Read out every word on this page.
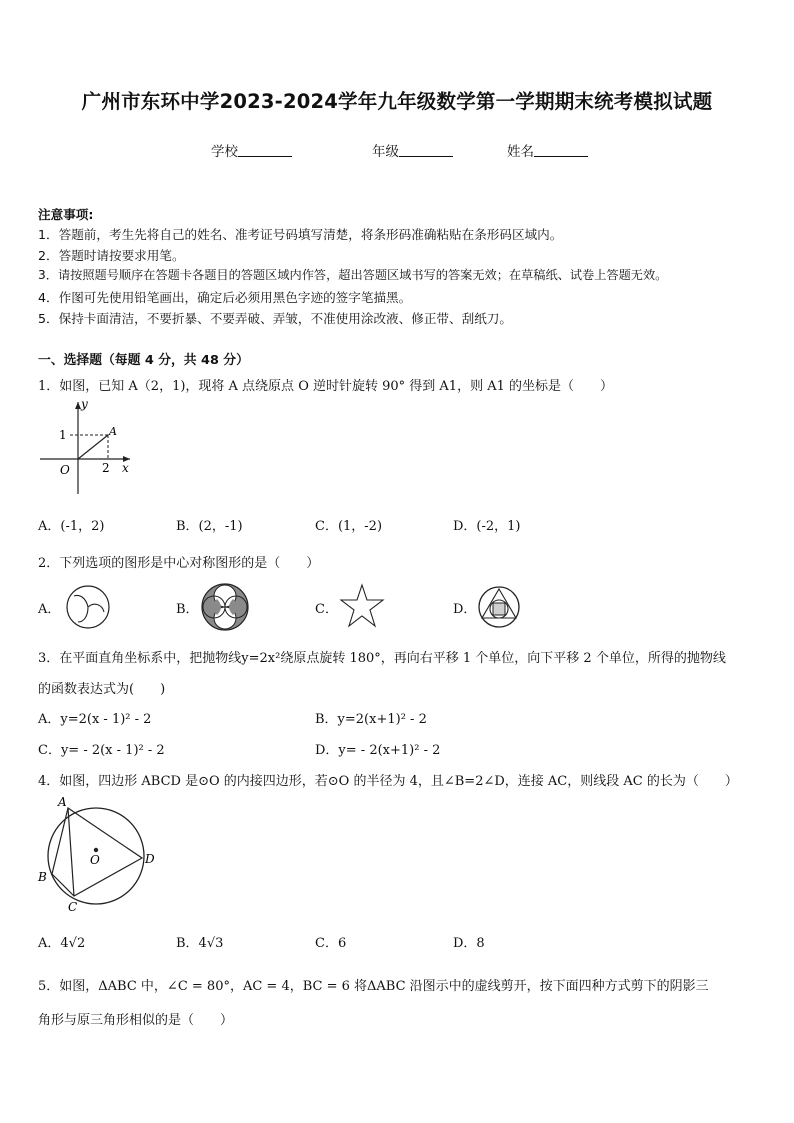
广州市东环中学2023-2024学年九年级数学第一学期期末统考模拟试题
学校	年级	姓名
注意事项:
1．答题前，考生先将自己的姓名、准考证号码填写清楚，将条形码准确粘贴在条形码区域内。
2．答题时请按要求用笔。
3．请按照题号顺序在答题卡各题目的答题区域内作答，超出答题区域书写的答案无效；在草稿纸、试卷上答题无效。
4．作图可先使用铅笔画出，确定后必须用黑色字迹的签字笔描黑。
5．保持卡面清洁，不要折暴、不要弄破、弄皱，不准使用涂改液、修正带、刮纸刀。
一、选择题（每题 4 分，共 48 分）
1．如图，已知 A（2，1)，现将 A 点绕原点 O 逆时针旋转 90° 得到 A1，则 A1 的坐标是（　　）
y
x
1
2
A
O
A．(-1，2)	B．(2，-1)	C．(1，-2)	D．(-2，1)
2．下列选项的图形是中心对称图形的是（　　）
A．	B．	C．	D．
3．在平面直角坐标系中，把抛物线y=2x²绕原点旋转 180°，再向右平移 1 个单位，向下平移 2 个单位，所得的抛物线
的函数表达式为(　　)
A．y=2(x - 1)² - 2	B．y=2(x+1)² - 2
C．y= - 2(x - 1)² - 2	D．y= - 2(x+1)² - 2
4．如图，四边形 ABCD 是⊙O 的内接四边形，若⊙O 的半径为 4，且∠B=2∠D，连接 AC，则线段 AC 的长为（　　）
A
B
C
D
O
A．4√2	B．4√3	C．6	D．8
5．如图，ΔABC 中，∠C = 80°，AC = 4，BC = 6 将ΔABC 沿图示中的虚线剪开，按下面四种方式剪下的阴影三
角形与原三角形相似的是（　　）
